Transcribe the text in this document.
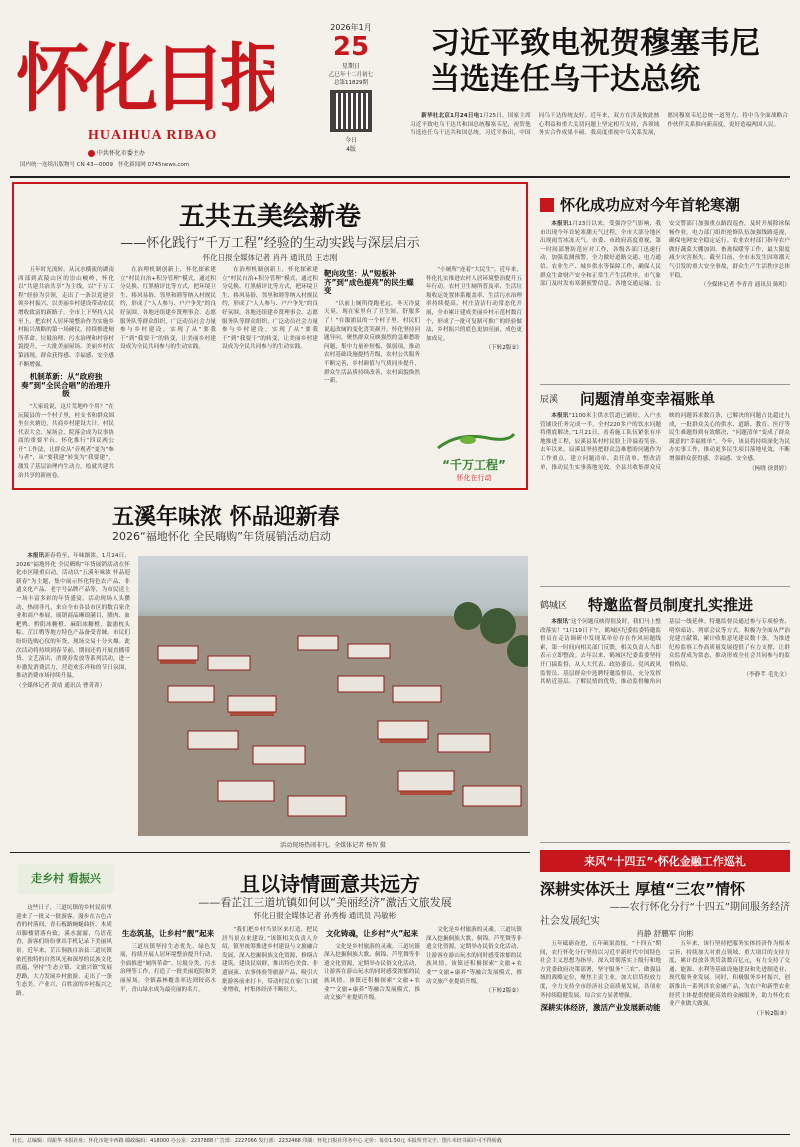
怀化日报
HUAIHUA RIBAO
中共怀化市委主办
国内统一连续出版物号 CN 43—0009 怀化新闻网 0745news.com
2026年1月
25
星期日
乙巳年十二月初七
总第11829期
今日
4版
习近平致电祝贺穆塞韦尼
当选连任乌干达总统

新华社北京1月24日电1月25日，国家主席习近平致电乌干达共和国总统穆塞韦尼，祝贺他当选连任乌干达共和国总统。习近平指出，中国同乌干达传统友好。近年来，双方在涉及彼此核心利益和重大关切问题上坚定相互支持，各领域务实合作成果丰硕。我高度重视中乌关系发展，愿同穆塞韦尼总统一道努力，将中乌全面战略合作伙伴关系推向新高度，更好造福两国人民。

五共五美绘新卷
——怀化践行“千万工程”经验的生动实践与深层启示
怀化日报全媒体记者 肖丹 通讯员 王志刚

五年时光流转，从沅水横流的湖南西部到武陵山区的崇山峻岭，怀化以“共建共治共享”为主线，以“千万工程”经验为引领，走出了一条以党建引领乡村振兴、以美丽乡村建设带动农民增收致富的新路子。全市上下坚持人民至上，把农村人居环境整治作为实施乡村振兴战略的第一场硬仗，持续推进厕所革命、垃圾治理、污水治理和村容村貌提升，一大批美丽屋场、美丽乡村次第涌现，群众获得感、幸福感、安全感不断增强。

机制革新：从“政府独奏”到“全民合唱”的治理升级

“大家说说，这片荒地咋个用？”在沅陵县的一个村子里，村支书和群众围坐在火塘边，共商乡村建设大计。村民代表大会、屋场会、院落会成为议事协商的重要平台。怀化推行“四议两公开”工作法，让群众从“旁观者”变为“参与者”，从“要我建”转变为“我要建”，激发了基层治理内生动力，绘就共建共治共享的新画卷。

在治理机制创新上，怀化探索建立“村民自治+积分管理”模式，通过积分兑换、红黑榜评比等方式，把环境卫生、移风易俗、邻里和睦等纳入村规民约，形成了“人人参与、户户争先”的良好氛围。各地还组建乡贤理事会、志愿服务队等群众组织，广泛动员社会力量参与乡村建设，实现了从“要我干”到“我要干”的转变，让美丽乡村建设成为全民共同参与的生动实践。

在治理机制创新上，怀化探索建立“村民自治+积分管理”模式，通过积分兑换、红黑榜评比等方式，把环境卫生、移风易俗、邻里和睦等纳入村规民约，形成了“人人参与、户户争先”的良好氛围。各地还组建乡贤理事会、志愿服务队等群众组织，广泛动员社会力量参与乡村建设，实现了从“要我干”到“我要干”的转变，让美丽乡村建设成为全民共同参与的生动实践。

靶向攻坚：从“短板补齐”到“成色提亮”的民生蝶变

“以前上厕所得跑老远，冬天冷夏天臭，现在家里有了卫生间，舒服多了！”在溆浦县的一个村子里，村民们说起改厕的变化喜笑颜开。怀化坚持问题导向，聚焦群众反映强烈的急难愁盼问题，集中力量补短板、强弱项，推动农村基础设施提档升级，农村公共服务不断完善，乡村颜值与气质同步提升，群众生活品质持续改善，农村面貌焕然一新。

“小厕所”连着“大民生”。近年来，怀化扎实推进农村人居环境整治提升五年行动，农村卫生厕所普及率、生活垃圾收运处置体系覆盖率、生活污水治理率持续提高，村庄清洁行动常态化开展，全市累计建成美丽乡村示范村数百个，形成了一批可复制可推广的经验做法，乡村振兴的底色更加亮丽，成色更加成足。

（下转2版①）
“千万工程”
怀化在行动
怀化成功应对今年首轮寒潮

本报讯1月23日以来，受强冷空气影响，我市出现今年首轮寒潮天气过程，全市大部分地区出现雨雪冰冻天气。市委、市政府高度重视，第一时间部署防范应对工作，各级各部门迅速行动，加强监测预警，全力做好道路交通、电力通信、农业生产、城乡供水等保障工作，确保人民群众生命财产安全和正常生产生活秩序。市气象部门及时发布寒潮预警信息，各地交通运输、公安交警部门加强重点路段巡查，及时开展除冰保畅作业。电力部门组织抢修队伍加强线路巡视，确保电网安全稳定运行。农业农村部门指导农户做好蔬菜大棚加固、畜禽保暖等工作，最大限度减少灾害损失。截至目前，全市未发生因寒潮天气引发的重大安全事故，群众生产生活秩序总体平稳。

（全媒体记者 李青青 通讯员 陈明）
辰溪 问题清单变幸福账单

本报讯“1100米主供水管道已铺好，入户水管铺设任务完成一半，全村220多户的饮水问题将彻底解决。”1月21日，看着施工队伍紧张有序地推进工程，辰溪县某村村民脸上洋溢着笑容。去年以来，辰溪县坚持把群众急难愁盼问题作为工作重点，建立问题清单、责任清单、整改清单，推动民生实事落地见效。全县共收集群众反映的问题诉求数百条，已解决的问题占比超过九成，一批群众关心的供水、道路、教育、医疗等民生难题得到有效解决，“问题清单”变成了群众满意的“幸福账单”。今年，该县将持续深化为民办实事工作，推动更多民生项目落地见效，不断增强群众获得感、幸福感、安全感。

（杨晓 徐贤婷）
鹤城区 特邀监督员制度扎实推进

本报讯“这个问题反映得很及时，我们马上整改落实！”1月19日下午，鹤城区纪委监委特邀监督员在走访调研中发现某单位存在作风问题线索，第一时间向相关部门反馈，相关负责人当即表示立即整改。去年以来，鹤城区纪委监委坚持开门搞监督，从人大代表、政协委员、党风政风监督员、基层群众中选聘特邀监督员，充分发挥其贴近基层、了解民情的优势，推动监督触角向基层一线延伸。特邀监督员通过参与专项检查、明察暗访、列席会议等方式，积极为全面从严治党建言献策，累计收集意见建议数十条，为推进纪检监察工作高质量发展提供了有力支撑，让群众监督成为常态，推动形成全社会共同参与的监督格局。

（李静芊 毛先文）
五溪年味浓 怀品迎新春
2026“福地怀化 全民嗨购”年货展销活动启动

本报讯新春将至，年味渐浓。1月24日，2026“福地怀化 全民嗨购”年货展销活动在怀化市区隆重启动。活动以“五溪年味浓 怀品迎新春”为主题，集中展示怀化特色农产品、非遗文化产品、老字号品牌产品等，为市民送上一场丰富多彩的年货盛宴。活动现场人头攒动、热闹非凡，来自全市各县市区的数百家企业和商户参展，展销商品琳琅满目，腊肉、血粑鸭、黔阳冰糖橙、麻阳冰糖橙、溆浦枕头粽、芷江鸭等地方特色产品备受青睐。市民们纷纷选购心仪的年货，现场交易十分火爆。此次活动将持续到春节前，期间还将开展直播带货、文艺演出、消费券发放等系列活动，进一步激发消费活力，营造欢乐祥和的节日氛围，推动消费市场持续升温。

（全媒体记者 黄靖 通讯员 曹菁菁）
活动现场热闹非凡。全媒体记者 杨智 摄
走乡村 看振兴	且以诗情画意共远方
——看芷江三道坑镇如何以“美丽经济”激活文旅发展
怀化日报全媒体记者 孙秀梅 通讯员 冯敏彬

这些日子，三道坑镇的乡村民宿里迎来了一批又一批游客。漫步在古色古香的村落间，青石板路蜿蜒曲折，木质吊脚楼错落有致，溪水潺潺，鸟语花香，游客们纷纷拿出手机记录下美丽风景。近年来，芷江侗族自治县三道坑镇依托独特的自然风光和深厚的民族文化底蕴，坚持“生态立镇、文旅兴镇”发展思路，大力发展乡村旅游，走出了一条生态美、产业兴、百姓富的乡村振兴之路。

生态筑基，让乡村“靓”起来

三道坑镇坚持生态优先、绿色发展，持续开展人居环境整治提升行动，全面推进“厕所革命”、垃圾分类、污水治理等工作，打造了一批美丽庭院和美丽屋场。全镇森林覆盖率达到较高水平，青山绿水成为最亮丽的名片。

“我们把乡村当景区来打造，把民居当景点来建设。”该镇相关负责人介绍，镇里统筹推进乡村建设与文旅融合发展，深入挖掘侗族文化资源，修缮古建筑，建设民宿群，推出特色美食、非遗展演、农事体验等旅游产品，吸引大批游客前来打卡，带动村民在家门口就业增收，村集体经济不断壮大。

文化铸魂，让乡村“火”起来

文化是乡村旅游的灵魂。三道坑镇深入挖掘侗族大歌、侗锦、芦笙舞等非遗文化资源，定期举办民俗文化活动，让游客在游山玩水的同时感受浓郁的民族风情。该镇还积极探索“文旅+农业”“文旅+康养”等融合发展模式，推动文旅产业提质升级。

文化是乡村旅游的灵魂。三道坑镇深入挖掘侗族大歌、侗锦、芦笙舞等非遗文化资源，定期举办民俗文化活动，让游客在游山玩水的同时感受浓郁的民族风情。该镇还积极探索“文旅+农业”“文旅+康养”等融合发展模式，推动文旅产业提质升级。

（下转2版②）
来风“十四五”·怀化金融工作巡礼
深耕实体沃土 厚植“三农”情怀
——农行怀化分行“十四五”期间服务经济
社会发展纪实
肖静 舒鹏军 向彬

五年砥砺奋进，五年硕果盈枝。“十四五”期间，农行怀化分行坚持以习近平新时代中国特色社会主义思想为指导，深入贯彻落实上级行和地方党委政府决策部署，坚守服务“三农”、做强县域的战略定位，聚焦主责主业，加大信贷投放力度，全力支持全市经济社会高质量发展，各项业务持续稳健发展，综合实力显著增强。

深耕实体经济，激活产业发展新动能

五年来，该行坚持把服务实体经济作为根本宗旨，持续加大对重点领域、重大项目的支持力度，累计投放各类贷款数百亿元，有力支持了交通、能源、水利等基础设施建设和先进制造业、现代服务业发展。同时，积极服务乡村振兴，创新推出一系列涉农金融产品，为农户和新型农业经营主体提供便捷高效的金融服务，助力怀化农业产业做大做强。

（下转2版③）
社长、总编辑：周振华 本报社址：怀化市迎丰西路 邮政编码：418000 办公室：2237888 广告部：2227066 发行部：2232468 印刷：怀化日报社印务中心 定价：每份1.50元 本报所刊文字、图片未经书面许可不得转载
